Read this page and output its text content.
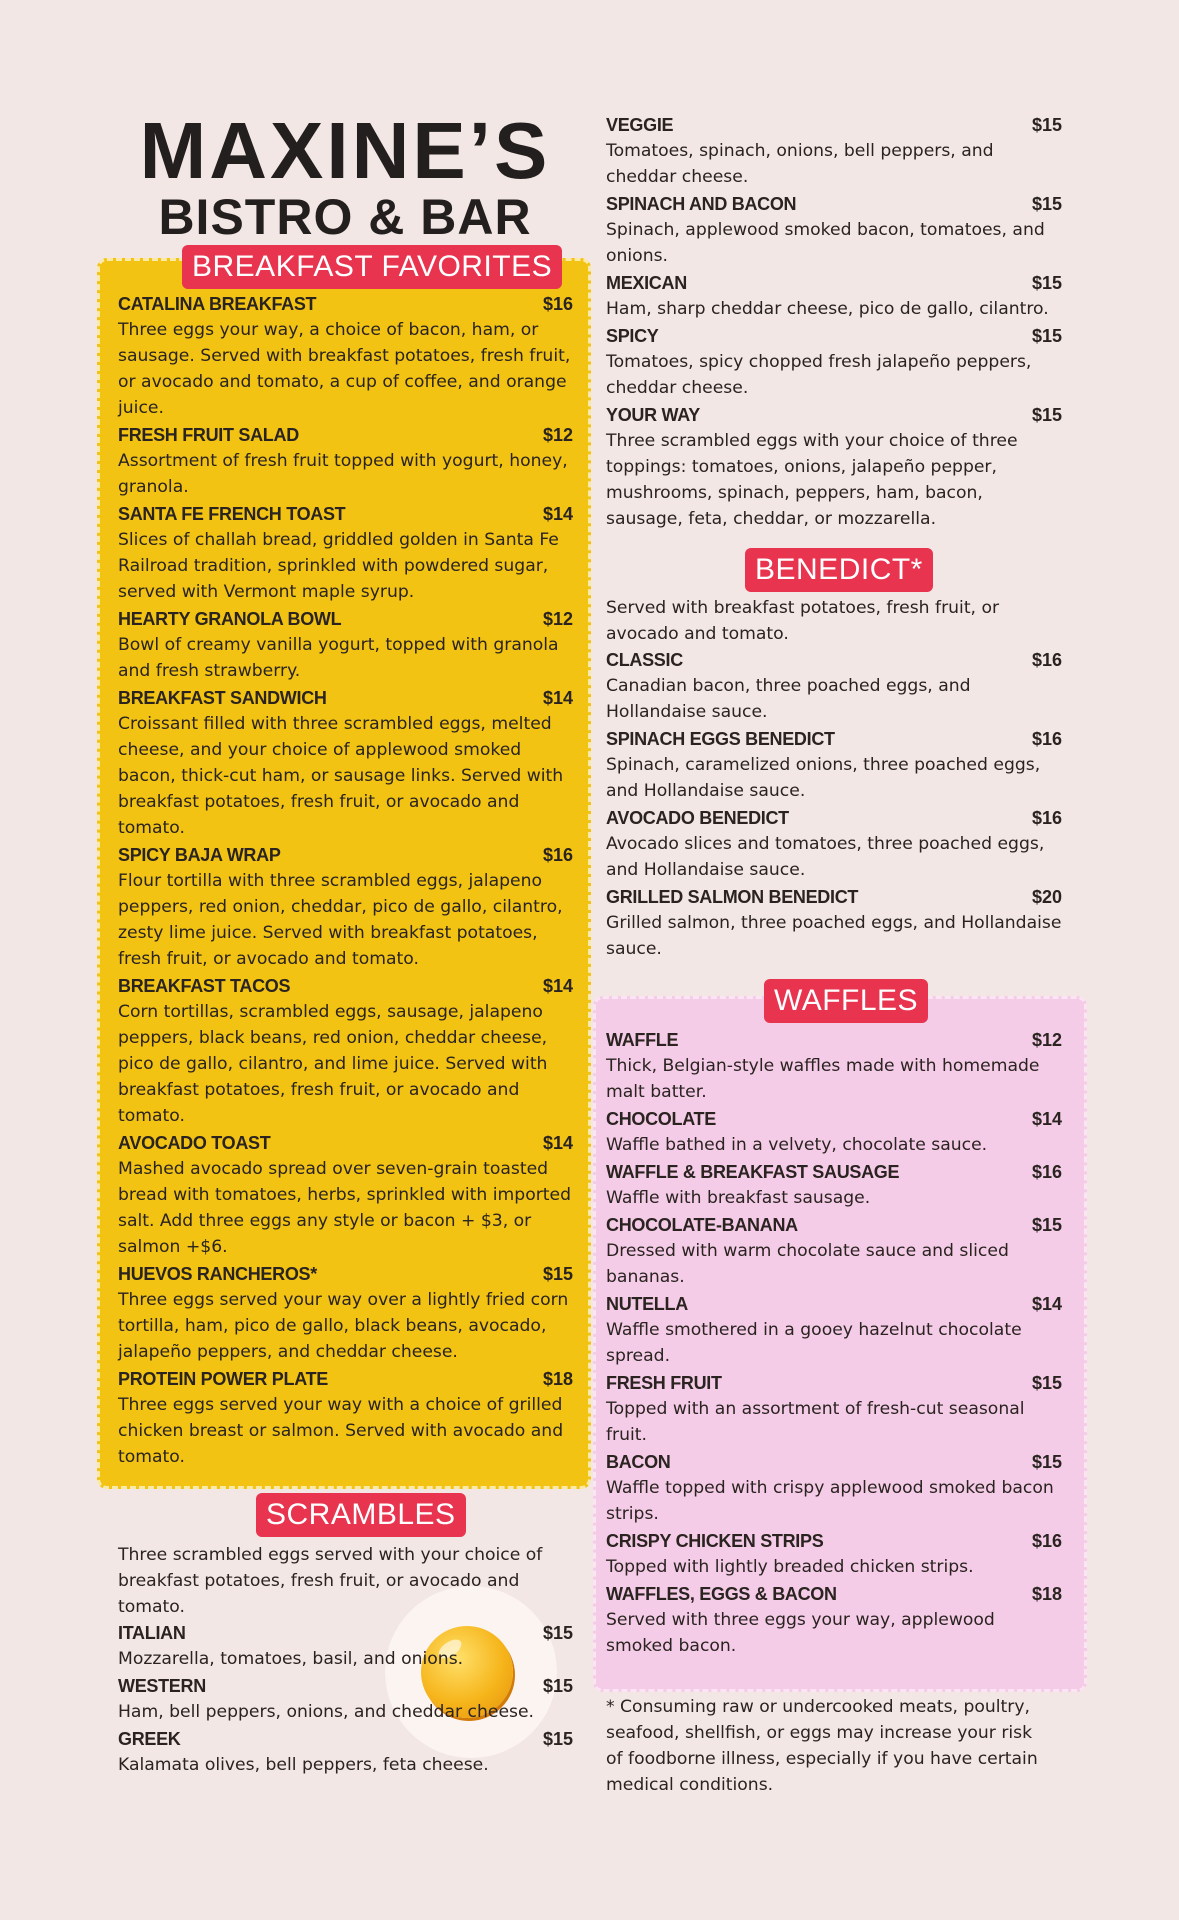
MAXINE’S
BISTRO & BAR
BREAKFAST FAVORITES
CATALINA BREAKFAST	$16
Three eggs your way, a choice of bacon, ham, or sausage. Served with breakfast potatoes, fresh fruit, or avocado and tomato, a cup of coffee, and orange juice.
FRESH FRUIT SALAD	$12
Assortment of fresh fruit topped with yogurt, honey, granola.
SANTA FE FRENCH TOAST	$14
Slices of challah bread, griddled golden in Santa Fe Railroad tradition, sprinkled with powdered sugar, served with Vermont maple syrup.
HEARTY GRANOLA BOWL	$12
Bowl of creamy vanilla yogurt, topped with granola and fresh strawberry.
BREAKFAST SANDWICH	$14
Croissant filled with three scrambled eggs, melted cheese, and your choice of applewood smoked bacon, thick-cut ham, or sausage links. Served with breakfast potatoes, fresh fruit, or avocado and tomato.
SPICY BAJA WRAP	$16
Flour tortilla with three scrambled eggs, jalapeno peppers, red onion, cheddar, pico de gallo, cilantro, zesty lime juice. Served with breakfast potatoes, fresh fruit, or avocado and tomato.
BREAKFAST TACOS	$14
Corn tortillas, scrambled eggs, sausage, jalapeno peppers, black beans, red onion, cheddar cheese, pico de gallo, cilantro, and lime juice. Served with breakfast potatoes, fresh fruit, or avocado and tomato.
AVOCADO TOAST	$14
Mashed avocado spread over seven-grain toasted bread with tomatoes, herbs, sprinkled with imported salt. Add three eggs any style or bacon + $3, or salmon +$6.
HUEVOS RANCHEROS*	$15
Three eggs served your way over a lightly fried corn tortilla, ham, pico de gallo, black beans, avocado, jalapeño peppers, and cheddar cheese.
PROTEIN POWER PLATE	$18
Three eggs served your way with a choice of grilled chicken breast or salmon. Served with avocado and tomato.
SCRAMBLES
Three scrambled eggs served with your choice of breakfast potatoes, fresh fruit, or avocado and tomato.
ITALIAN	$15
Mozzarella, tomatoes, basil, and onions.
WESTERN	$15
Ham, bell peppers, onions, and cheddar cheese.
GREEK	$15
Kalamata olives, bell peppers, feta cheese.
VEGGIE	$15
Tomatoes, spinach, onions, bell peppers, and cheddar cheese.
SPINACH AND BACON	$15
Spinach, applewood smoked bacon, tomatoes, and onions.
MEXICAN	$15
Ham, sharp cheddar cheese, pico de gallo, cilantro.
SPICY	$15
Tomatoes, spicy chopped fresh jalapeño peppers, cheddar cheese.
YOUR WAY	$15
Three scrambled eggs with your choice of three toppings: tomatoes, onions, jalapeño pepper, mushrooms, spinach, peppers, ham, bacon, sausage, feta, cheddar, or mozzarella.
BENEDICT*
Served with breakfast potatoes, fresh fruit, or avocado and tomato.
CLASSIC	$16
Canadian bacon, three poached eggs, and Hollandaise sauce.
SPINACH EGGS BENEDICT	$16
Spinach, caramelized onions, three poached eggs, and Hollandaise sauce.
AVOCADO BENEDICT	$16
Avocado slices and tomatoes, three poached eggs, and Hollandaise sauce.
GRILLED SALMON BENEDICT	$20
Grilled salmon, three poached eggs, and Hollandaise sauce.
WAFFLES
WAFFLE	$12
Thick, Belgian-style waffles made with homemade malt batter.
CHOCOLATE	$14
Waffle bathed in a velvety, chocolate sauce.
WAFFLE & BREAKFAST SAUSAGE	$16
Waffle with breakfast sausage.
CHOCOLATE-BANANA	$15
Dressed with warm chocolate sauce and sliced bananas.
NUTELLA	$14
Waffle smothered in a gooey hazelnut chocolate spread.
FRESH FRUIT	$15
Topped with an assortment of fresh-cut seasonal fruit.
BACON	$15
Waffle topped with crispy applewood smoked bacon strips.
CRISPY CHICKEN STRIPS	$16
Topped with lightly breaded chicken strips.
WAFFLES, EGGS & BACON	$18
Served with three eggs your way, applewood smoked bacon.
* Consuming raw or undercooked meats, poultry, seafood, shellfish, or eggs may increase your risk of foodborne illness, especially if you have certain medical conditions.
